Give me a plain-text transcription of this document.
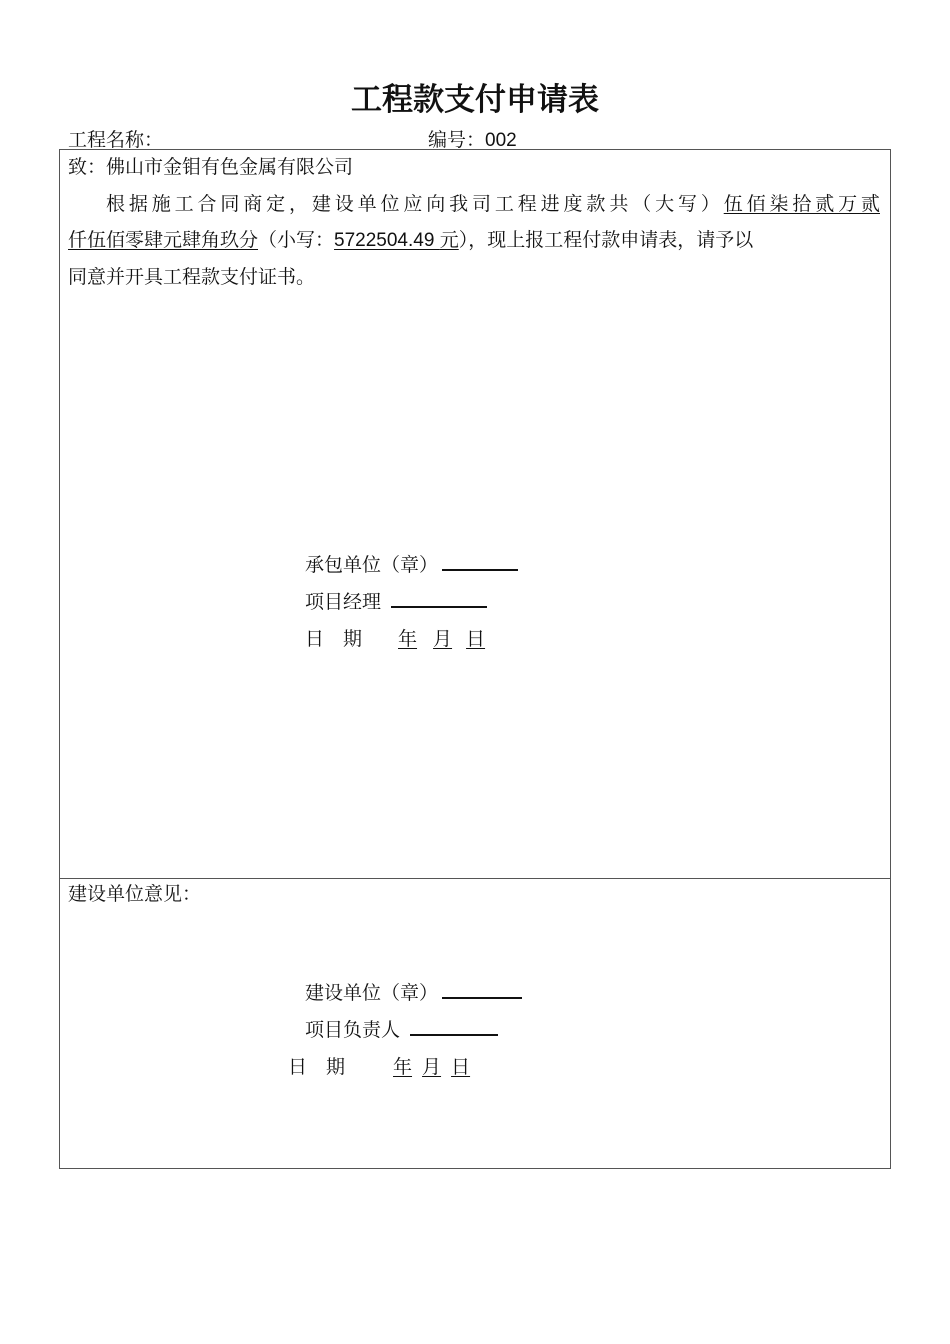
工程款支付申请表
工程名称：	编号：002
致：佛山市金钼有色金属有限公司
根据施工合同商定，建设单位应向我司工程进度款共（大写）伍佰柒拾贰万贰
仟伍佰零肆元肆角玖分（小写：5722504.49 元），现上报工程付款申请表，请予以
同意并开具工程款支付证书。
承包单位（章）
项目经理
日　期 年 月 日
建设单位意见：
建设单位（章）
项目负责人
日　期	年 月 日
